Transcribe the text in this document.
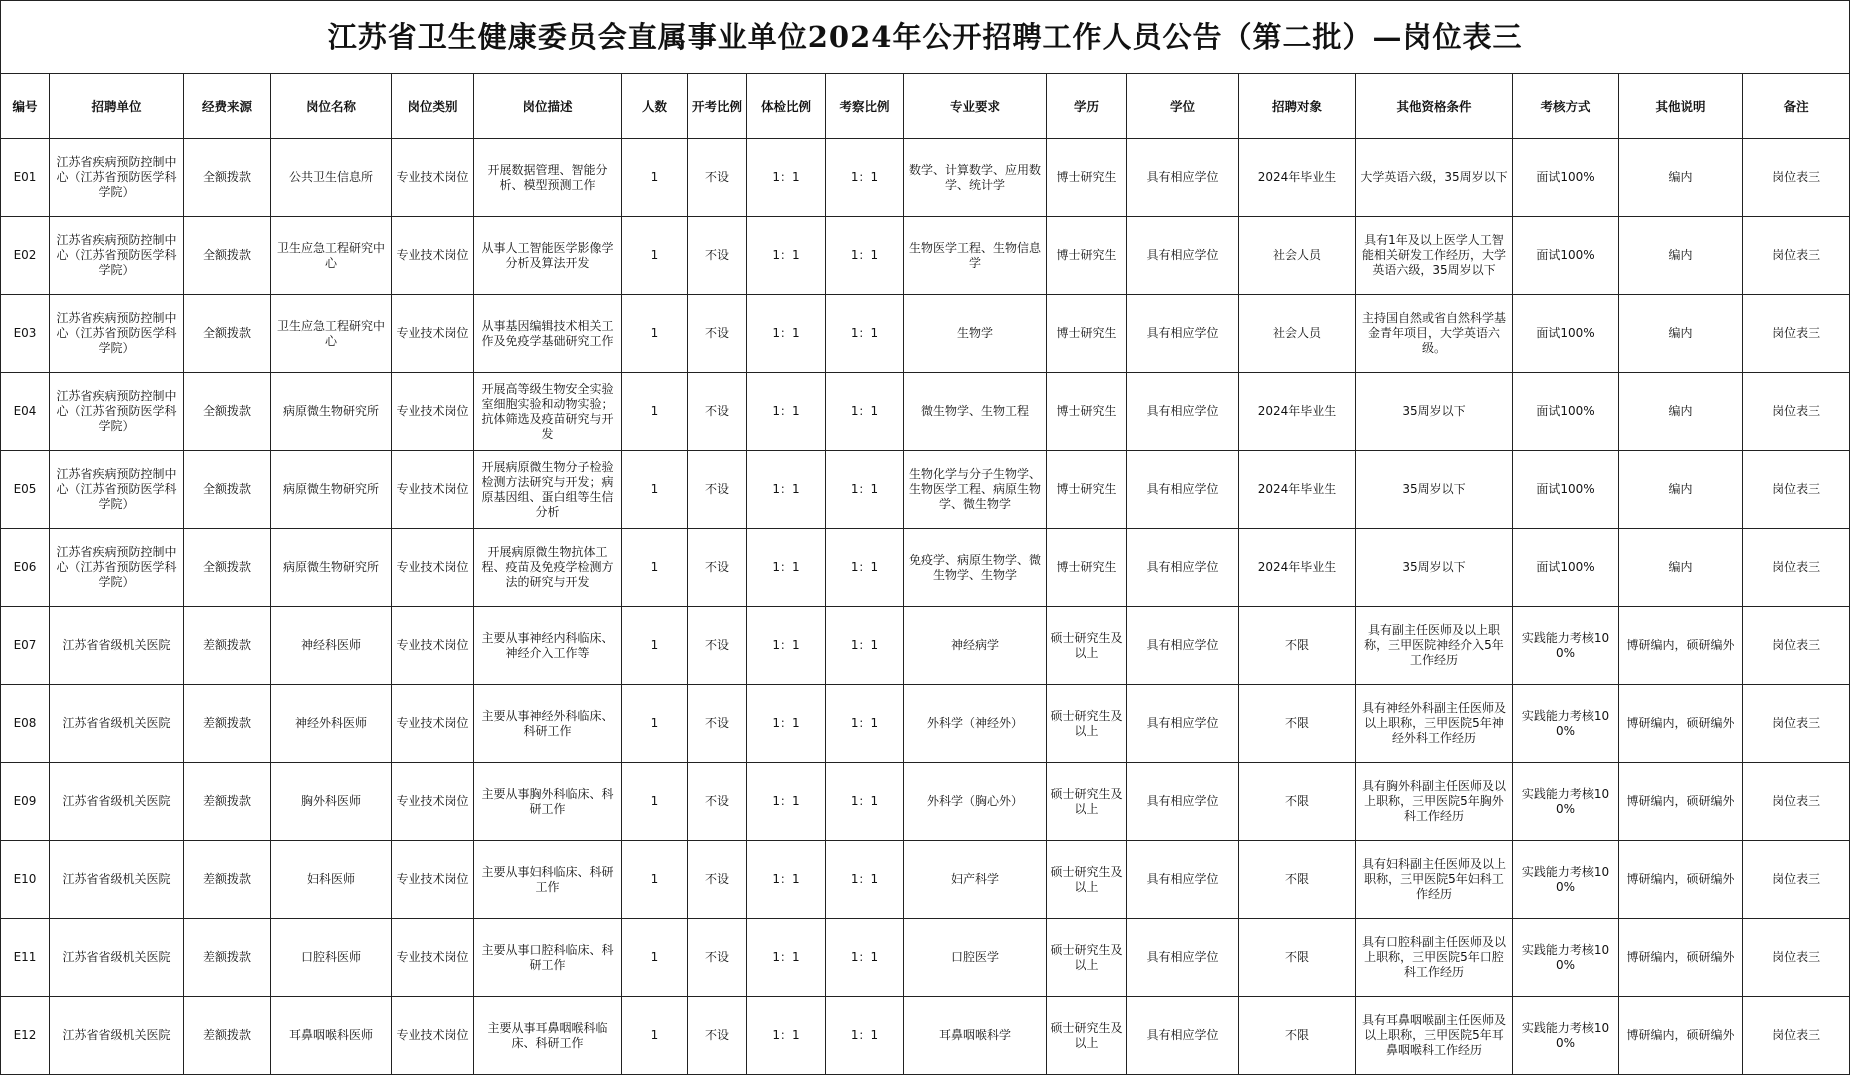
江苏省卫生健康委员会直属事业单位2024年公开招聘工作人员公告（第二批）—岗位表三																	
编号	招聘单位	经费来源	岗位名称	岗位类别	岗位描述	人数	开考比例	体检比例	考察比例	专业要求	学历	学位	招聘对象	其他资格条件	考核方式	其他说明	备注
E01	江苏省疾病预防控制中心（江苏省预防医学科学院）	全额拨款	公共卫生信息所	专业技术岗位	开展数据管理、智能分析、模型预测工作	1	不设	1：1	1：1	数学、计算数学、应用数学、统计学	博士研究生	具有相应学位	2024年毕业生	大学英语六级，35周岁以下	面试100%	编内	岗位表三
E02	江苏省疾病预防控制中心（江苏省预防医学科学院）	全额拨款	卫生应急工程研究中心	专业技术岗位	从事人工智能医学影像学分析及算法开发	1	不设	1：1	1：1	生物医学工程、生物信息学	博士研究生	具有相应学位	社会人员	具有1年及以上医学人工智能相关研发工作经历，大学英语六级，35周岁以下	面试100%	编内	岗位表三
E03	江苏省疾病预防控制中心（江苏省预防医学科学院）	全额拨款	卫生应急工程研究中心	专业技术岗位	从事基因编辑技术相关工作及免疫学基础研究工作	1	不设	1：1	1：1	生物学	博士研究生	具有相应学位	社会人员	主持国自然或省自然科学基金青年项目，大学英语六级。	面试100%	编内	岗位表三
E04	江苏省疾病预防控制中心（江苏省预防医学科学院）	全额拨款	病原微生物研究所	专业技术岗位	开展高等级生物安全实验室细胞实验和动物实验；抗体筛选及疫苗研究与开发	1	不设	1：1	1：1	微生物学、生物工程	博士研究生	具有相应学位	2024年毕业生	35周岁以下	面试100%	编内	岗位表三
E05	江苏省疾病预防控制中心（江苏省预防医学科学院）	全额拨款	病原微生物研究所	专业技术岗位	开展病原微生物分子检验检测方法研究与开发；病原基因组、蛋白组等生信分析	1	不设	1：1	1：1	生物化学与分子生物学、生物医学工程、病原生物学、微生物学	博士研究生	具有相应学位	2024年毕业生	35周岁以下	面试100%	编内	岗位表三
E06	江苏省疾病预防控制中心（江苏省预防医学科学院）	全额拨款	病原微生物研究所	专业技术岗位	开展病原微生物抗体工程、疫苗及免疫学检测方法的研究与开发	1	不设	1：1	1：1	免疫学、病原生物学、微生物学、生物学	博士研究生	具有相应学位	2024年毕业生	35周岁以下	面试100%	编内	岗位表三
E07	江苏省省级机关医院	差额拨款	神经科医师	专业技术岗位	主要从事神经内科临床、神经介入工作等	1	不设	1：1	1：1	神经病学	硕士研究生及以上	具有相应学位	不限	具有副主任医师及以上职称，三甲医院神经介入5年工作经历	实践能力考核100%	博研编内，硕研编外	岗位表三
E08	江苏省省级机关医院	差额拨款	神经外科医师	专业技术岗位	主要从事神经外科临床、科研工作	1	不设	1：1	1：1	外科学（神经外）	硕士研究生及以上	具有相应学位	不限	具有神经外科副主任医师及以上职称，三甲医院5年神经外科工作经历	实践能力考核100%	博研编内，硕研编外	岗位表三
E09	江苏省省级机关医院	差额拨款	胸外科医师	专业技术岗位	主要从事胸外科临床、科研工作	1	不设	1：1	1：1	外科学（胸心外）	硕士研究生及以上	具有相应学位	不限	具有胸外科副主任医师及以上职称，三甲医院5年胸外科工作经历	实践能力考核100%	博研编内，硕研编外	岗位表三
E10	江苏省省级机关医院	差额拨款	妇科医师	专业技术岗位	主要从事妇科临床、科研工作	1	不设	1：1	1：1	妇产科学	硕士研究生及以上	具有相应学位	不限	具有妇科副主任医师及以上职称，三甲医院5年妇科工作经历	实践能力考核100%	博研编内，硕研编外	岗位表三
E11	江苏省省级机关医院	差额拨款	口腔科医师	专业技术岗位	主要从事口腔科临床、科研工作	1	不设	1：1	1：1	口腔医学	硕士研究生及以上	具有相应学位	不限	具有口腔科副主任医师及以上职称，三甲医院5年口腔科工作经历	实践能力考核100%	博研编内，硕研编外	岗位表三
E12	江苏省省级机关医院	差额拨款	耳鼻咽喉科医师	专业技术岗位	主要从事耳鼻咽喉科临床、科研工作	1	不设	1：1	1：1	耳鼻咽喉科学	硕士研究生及以上	具有相应学位	不限	具有耳鼻咽喉副主任医师及以上职称，三甲医院5年耳鼻咽喉科工作经历	实践能力考核100%	博研编内，硕研编外	岗位表三
